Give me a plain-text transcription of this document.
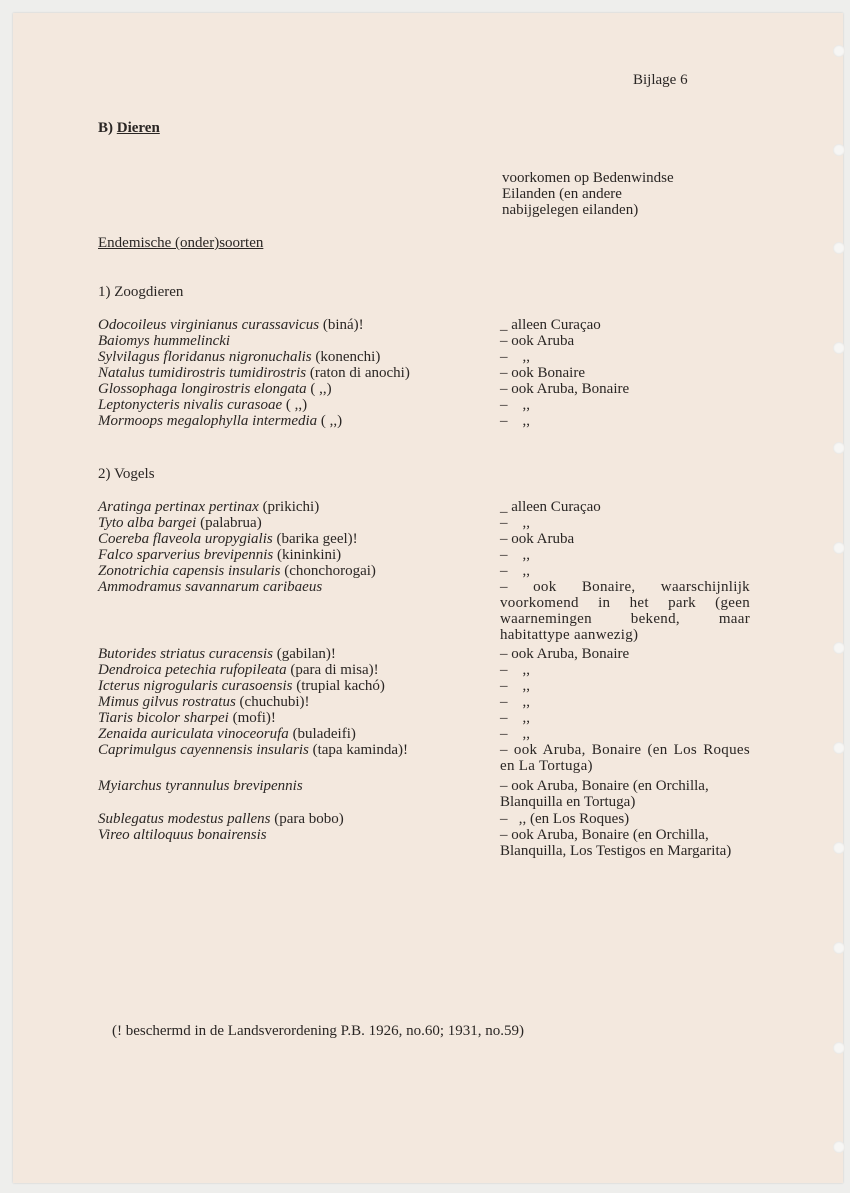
Bijlage 6
B) Dieren
voorkomen op Bedenwindse
Eilanden (en andere
nabijgelegen eilanden)
Endemische (onder)soorten
1) Zoogdieren
Odocoileus virginianus curassavicus (biná)!
Baiomys hummelincki
Sylvilagus floridanus nigronuchalis (konenchi)
Natalus tumidirostris tumidirostris (raton di anochi)
Glossophaga longirostris elongata ( ,,)
Leptonycteris nivalis curasoae ( ,,)
Mormoops megalophylla intermedia ( ,,)
_ alleen Curaçao
– ook Aruba
–    ,,
– ook Bonaire
– ook Aruba, Bonaire
–    ,,
–    ,,
2) Vogels
Aratinga pertinax pertinax (prikichi)
Tyto alba bargei (palabrua)
Coereba flaveola uropygialis (barika geel)!
Falco sparverius brevipennis (kininkini)
Zonotrichia capensis insularis (chonchorogai)
Ammodramus savannarum caribaeus
_ alleen Curaçao
–    ,,
– ook Aruba
–    ,,
–    ,,
– ook Bonaire, waarschijnlijk voorkomend in het park (geen waarnemingen bekend, maar habitattype aanwezig)
Butorides striatus curacensis (gabilan)!
Dendroica petechia rufopileata (para di misa)!
Icterus nigrogularis curasoensis (trupial kachó)
Mimus gilvus rostratus (chuchubi)!
Tiaris bicolor sharpei (mofi)!
Zenaida auriculata vinoceorufa (buladeifi)
Caprimulgus cayennensis insularis (tapa kaminda)!
– ook Aruba, Bonaire
–    ,,
–    ,,
–    ,,
–    ,,
–    ,,
– ook Aruba, Bonaire (en Los Roques en La Tortuga)
Myiarchus tyrannulus brevipennis
Sublegatus modestus pallens (para bobo)
Vireo altiloquus bonairensis
– ook Aruba, Bonaire (en Orchilla, Blanquilla en Tortuga)
–   ,, (en Los Roques)
– ook Aruba, Bonaire (en Orchilla, Blanquilla, Los Testigos en Margarita)
(! beschermd in de Landsverordening P.B. 1926, no.60; 1931, no.59)
